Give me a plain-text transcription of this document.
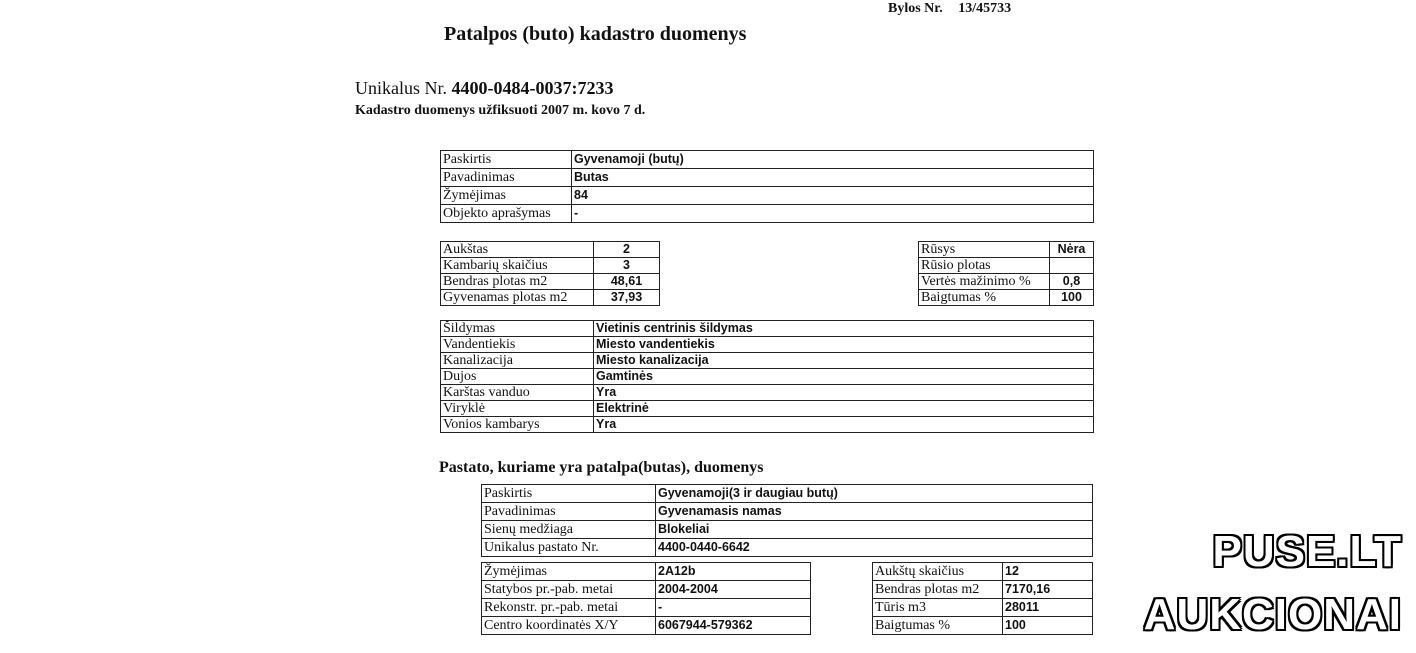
Bylos Nr. 13/45733
Patalpos (buto) kadastro duomenys
Unikalus Nr. 4400-0484-0037:7233
Kadastro duomenys užfiksuoti 2007 m. kovo 7 d.
Paskirtis	Gyvenamoji (butų)
Pavadinimas	Butas
Žymėjimas	84
Objekto aprašymas	-
Aukštas	2
Kambarių skaičius	3
Bendras plotas m2	48,61
Gyvenamas plotas m2	37,93
Rūsys	Nėra
Rūsio plotas	
Vertės mažinimo %	0,8
Baigtumas %	100
Šildymas	Vietinis centrinis šildymas
Vandentiekis	Miesto vandentiekis
Kanalizacija	Miesto kanalizacija
Dujos	Gamtinės
Karštas vanduo	Yra
Viryklė	Elektrinė
Vonios kambarys	Yra
Pastato, kuriame yra patalpa(butas), duomenys
Paskirtis	Gyvenamoji(3 ir daugiau butų)
Pavadinimas	Gyvenamasis namas
Sienų medžiaga	Blokeliai
Unikalus pastato Nr.	4400-0440-6642
Žymėjimas	2A12b
Statybos pr.-pab. metai	2004-2004
Rekonstr. pr.-pab. metai	-
Centro koordinatės X/Y	6067944-579362
Aukštų skaičius	12
Bendras plotas m2	7170,16
Tūris m3	28011
Baigtumas %	100
PUSE.LT
AUKCIONAI
